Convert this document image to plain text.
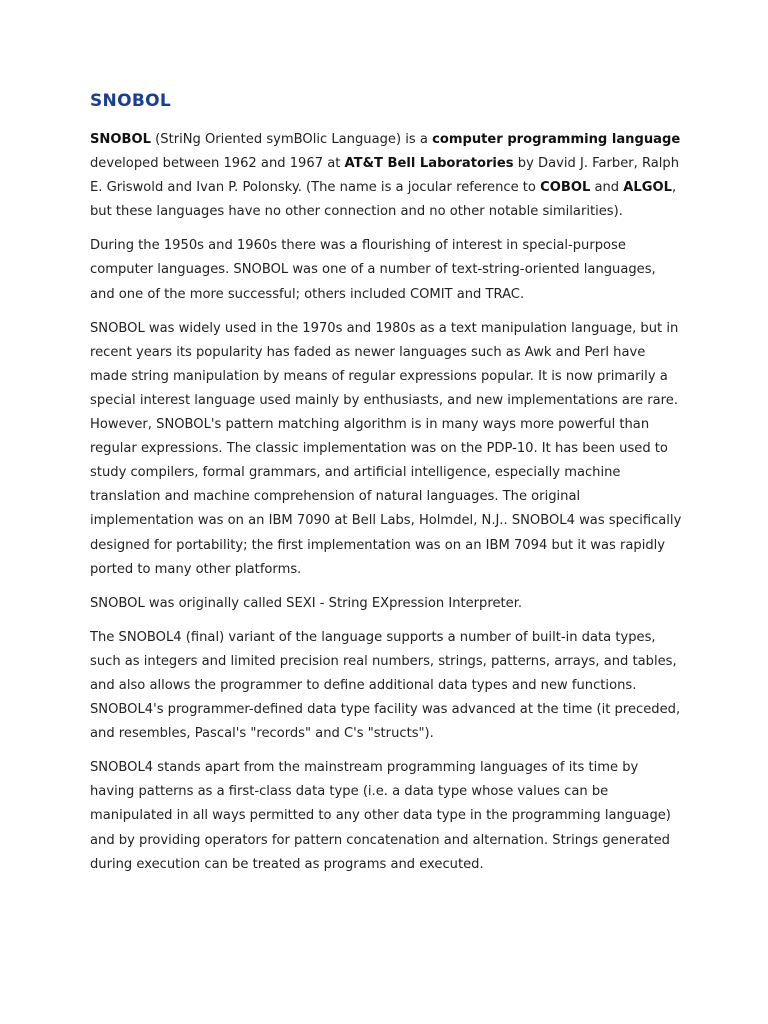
SNOBOL

SNOBOL (StriNg Oriented symBOlic Language) is a computer programming language developed between 1962 and 1967 at AT&T Bell Laboratories by David J. Farber, Ralph E. Griswold and Ivan P. Polonsky. (The name is a jocular reference to COBOL and ALGOL, but these languages have no other connection and no other notable similarities).

During the 1950s and 1960s there was a flourishing of interest in special-purpose computer languages. SNOBOL was one of a number of text-string-oriented languages, and one of the more successful; others included COMIT and TRAC.

SNOBOL was widely used in the 1970s and 1980s as a text manipulation language, but in recent years its popularity has faded as newer languages such as Awk and Perl have made string manipulation by means of regular expressions popular. It is now primarily a special interest language used mainly by enthusiasts, and new implementations are rare. However, SNOBOL's pattern matching algorithm is in many ways more powerful than regular expressions. The classic implementation was on the PDP-10. It has been used to study compilers, formal grammars, and artificial intelligence, especially machine translation and machine comprehension of natural languages. The original implementation was on an IBM 7090 at Bell Labs, Holmdel, N.J.. SNOBOL4 was specifically designed for portability; the first implementation was on an IBM 7094 but it was rapidly ported to many other platforms.

SNOBOL was originally called SEXI - String EXpression Interpreter.

The SNOBOL4 (final) variant of the language supports a number of built-in data types, such as integers and limited precision real numbers, strings, patterns, arrays, and tables, and also allows the programmer to define additional data types and new functions. SNOBOL4's programmer-defined data type facility was advanced at the time (it preceded, and resembles, Pascal's "records" and C's "structs").

SNOBOL4 stands apart from the mainstream programming languages of its time by having patterns as a first-class data type (i.e. a data type whose values can be manipulated in all ways permitted to any other data type in the programming language) and by providing operators for pattern concatenation and alternation. Strings generated during execution can be treated as programs and executed.
